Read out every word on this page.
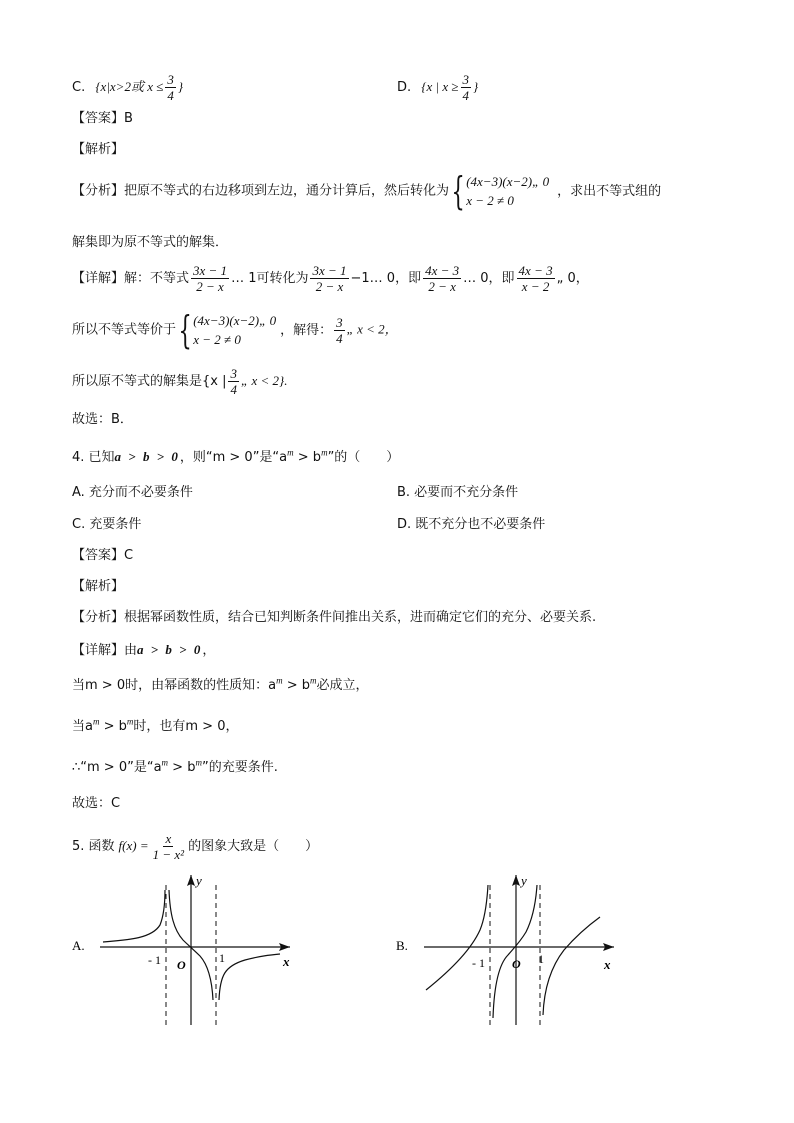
C. {x|x>2或 $x \le \frac{3}{4}$ }	D. {x | $x \ge \frac{3}{4}$ }
【答案】B
【解析】
【分析】把原不等式的右边移项到左边，通分计算后，然后转化为{ (4x−3)(x−2)„ 0
x − 2 ≠ 0
，求出不等式组的
解集即为原不等式的解集．
【详解】解：不等式 $\frac{3x - 1}{2 - x}$ … 1可转化为 $\frac{3x - 1}{2 - x}$ −1… 0，即 $\frac{4x - 3}{2 - x}$ … 0，即 $\frac{4x - 3}{x - 2}$ „ 0，
所以不等式等价于{ (4x−3)(x−2)„ 0
x − 2 ≠ 0
，解得： $\frac{3}{4}$ „ x < 2，
所以原不等式的解集是{x | $\frac{3}{4}$ „ x < 2}.
故选：B．
4. 已知a > b > 0，则“m > 0”是“$a^m > b^m$”的（　　）
A. 充分而不必要条件	B. 必要而不充分条件
C. 充要条件	D. 既不充分也不必要条件
【答案】C
【解析】
【分析】根据幂函数性质，结合已知判断条件间推出关系，进而确定它们的充分、必要关系.
【详解】由a > b > 0，
当m > 0时，由幂函数的性质知：$a^m > b^m$必成立，
当$a^m > b^m$时，也有m > 0，
∴“m > 0”是“$a^m > b^m$”的充要条件.
故选：C
5. 函数 $f(x) = \frac{x}{\text{1 − x²}}$ 的图象大致是（　　）
A.
y
x
O
- 1	1
B.
y
x
O
- 1	1
